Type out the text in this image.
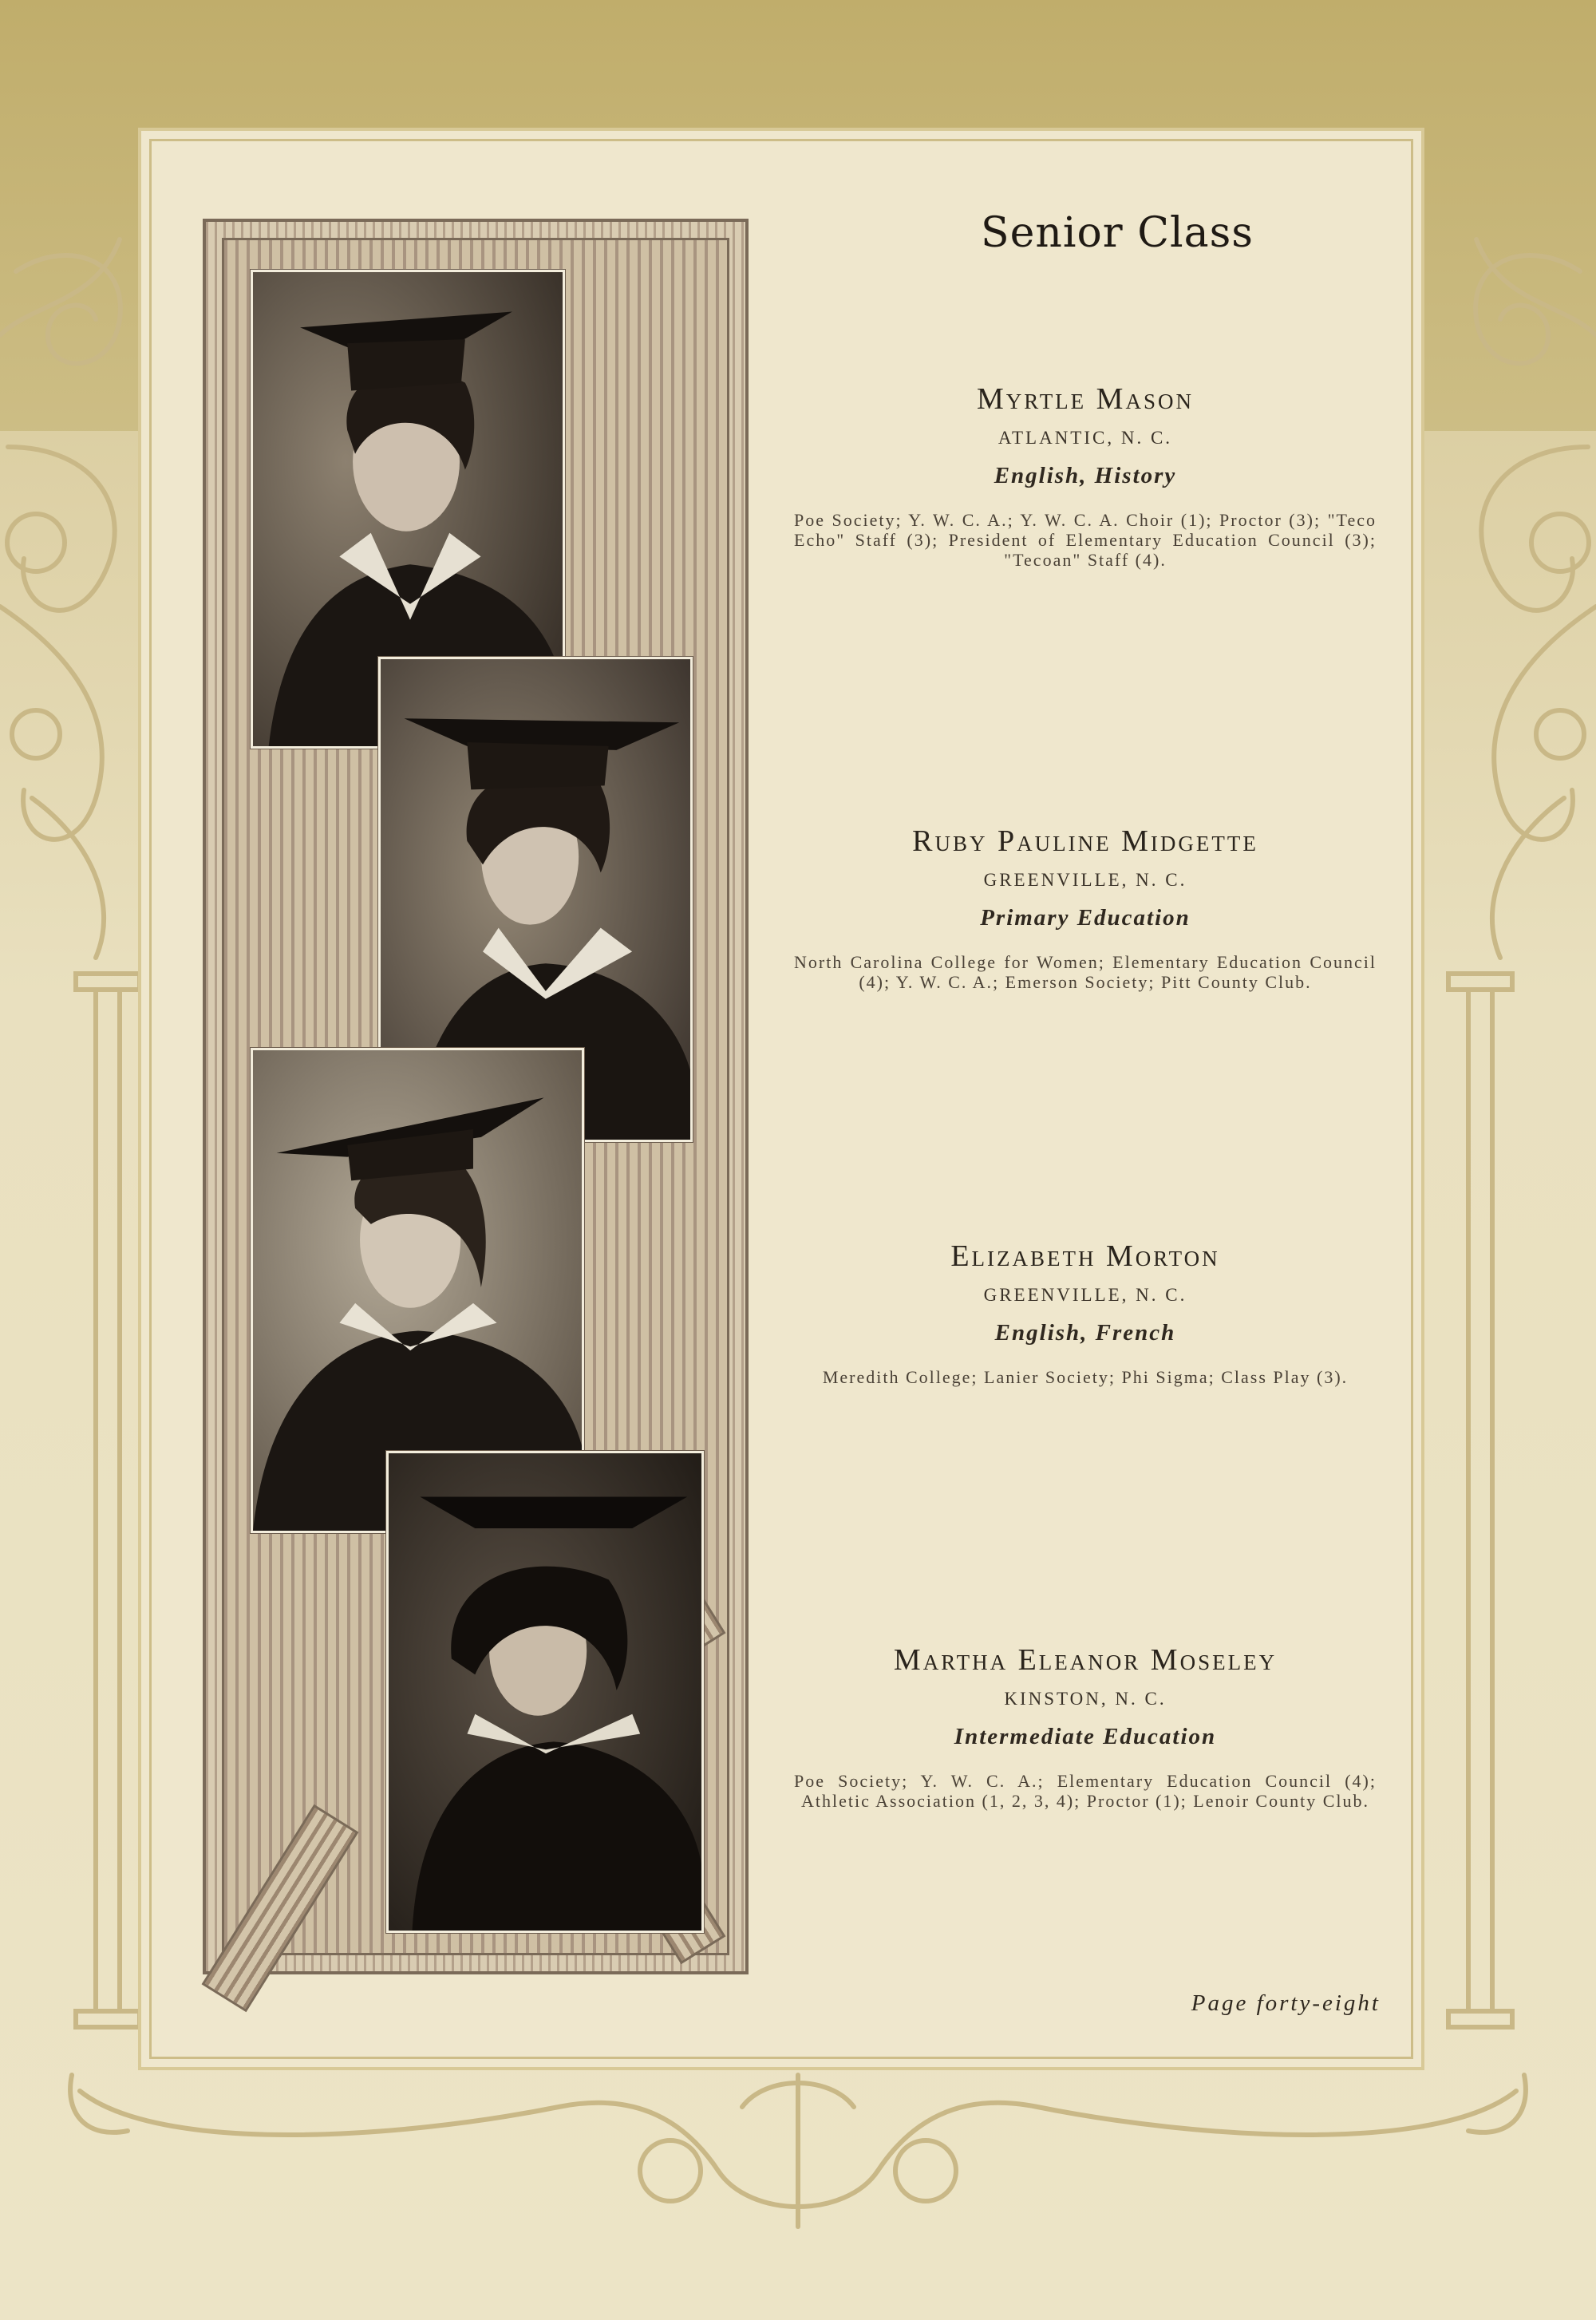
Senior Class

Myrtle Mason

ATLANTIC, N. C.

English, History

Poe Society; Y. W. C. A.; Y. W. C. A. Choir (1); Proctor (3); "Teco Echo" Staff (3); President of Elementary Education Council (3); "Tecoan" Staff (4).

Ruby Pauline Midgette

GREENVILLE, N. C.

Primary Education

North Carolina College for Women; Elementary Education Council (4); Y. W. C. A.; Emerson Society; Pitt County Club.

Elizabeth Morton

GREENVILLE, N. C.

English, French

Meredith College; Lanier Society; Phi Sigma; Class Play (3).

Martha Eleanor Moseley

KINSTON, N. C.

Intermediate Education

Poe Society; Y. W. C. A.; Elementary Education Council (4); Athletic Association (1, 2, 3, 4); Proctor (1); Lenoir County Club.

Page forty-eight
